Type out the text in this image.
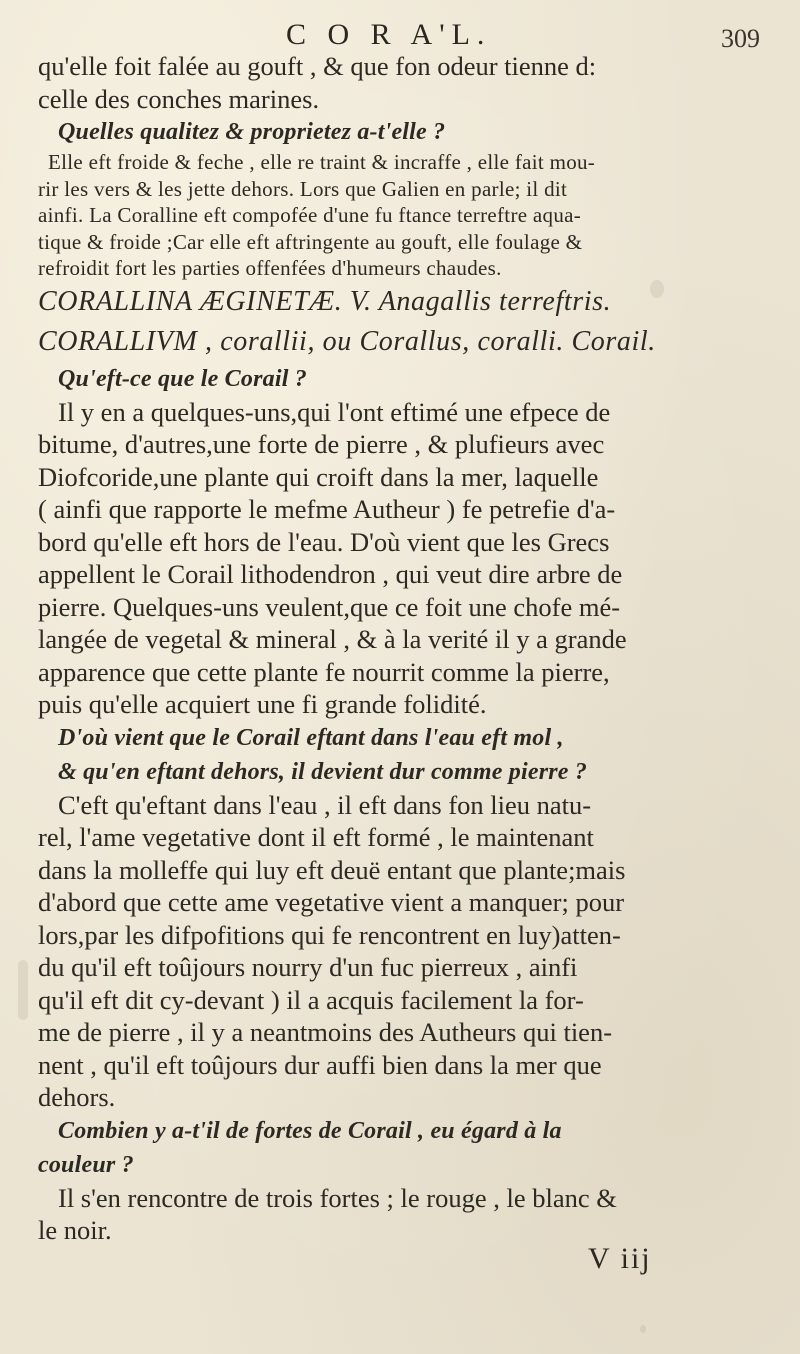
C O R A'L.	309
qu'elle foit falée au gouft , & que fon odeur tienne d:
celle des conches marines.
Quelles qualitez & proprietez a-t'elle ?
Elle eft froide & feche , elle re traint & incraffe , elle fait mou-
rir les vers & les jette dehors. Lors que Galien en parle; il dit
ainfi. La Coralline eft compofée d'une fu ftance terreftre aqua-
tique & froide ;Car elle eft aftringente au gouft, elle foulage &
refroidit fort les parties offenfées d'humeurs chaudes.
CORALLINA ÆGINETÆ. V. Anagallis terreftris.
CORALLIVM , corallii, ou Corallus, coralli. Corail.
Qu'eft-ce que le Corail ?
Il y en a quelques-uns,qui l'ont eftimé une efpece de
bitume, d'autres,une forte de pierre , & plufieurs avec
Diofcoride,une plante qui croift dans la mer, laquelle
( ainfi que rapporte le mefme Autheur ) fe petrefie d'a-
bord qu'elle eft hors de l'eau. D'où vient que les Grecs
appellent le Corail lithodendron , qui veut dire arbre de
pierre. Quelques-uns veulent,que ce foit une chofe mé-
langée de vegetal & mineral , & à la verité il y a grande
apparence que cette plante fe nourrit comme la pierre,
puis qu'elle acquiert une fi grande folidité.
D'où vient que le Corail eftant dans l'eau eft mol ,
& qu'en eftant dehors, il devient dur comme pierre ?
C'eft qu'eftant dans l'eau , il eft dans fon lieu natu-
rel, l'ame vegetative dont il eft formé , le maintenant
dans la molleffe qui luy eft deuë entant que plante;mais
d'abord que cette ame vegetative vient a manquer; pour
lors,par les difpofitions qui fe rencontrent en luy)atten-
du qu'il eft toûjours nourry d'un fuc pierreux , ainfi
qu'il eft dit cy-devant ) il a acquis facilement la for-
me de pierre , il y a neantmoins des Autheurs qui tien-
nent , qu'il eft toûjours dur auffi bien dans la mer que
dehors.
Combien y a-t'il de fortes de Corail , eu égard à la
couleur ?
Il s'en rencontre de trois fortes ; le rouge , le blanc &
le noir.
V iij
